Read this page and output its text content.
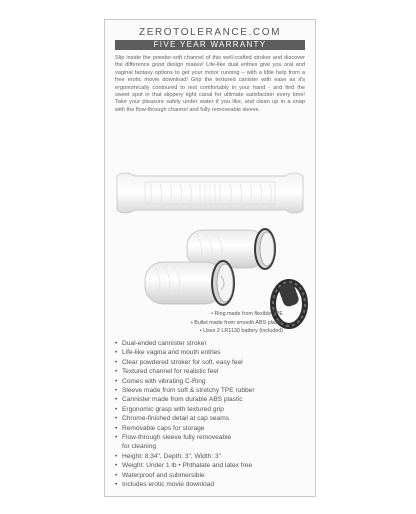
ZEROTOLERANCE.COM
FIVE YEAR WARRANTY
Slip inside the powder-soft channel of this well-crafted stroker and discover the difference good design makes! Life-like dual entries give you oral and vaginal fantasy options to get your motor running – with a little help from a free erotic movie download! Grip the textured canister with ease as it's ergonomically contoured to rest comfortably in your hand - and find the sweet spot in that slippery tight canal for ultimate satisfaction every time! Take your pleasure safely under water if you like, and clean up in a snap with the flow-through channel and fully removeable sleeve.
• Ring made from flexible TPE
• Bullet made from smooth ABS plastic
• Uses 2 LR1130 battery (included)
• Dual-ended cannister stroker
• Life-like vagina and mouth entries
• Clear powdered stroker for soft, easy feel
• Textured channel for realistic feel
• Comes with vibrating C-Ring
• Sleeve made from soft & stretchy TPE rubber
• Cannister made from durable ABS plastic
• Ergonomic grasp with textured grip
• Chrome-finished detail at cap seams
• Removable caps for storage
• Flow-through sleeve fully removeable
for cleaning
• Height: 8.34", Depth: 3", Width: 3"
• Weight: Under 1 lb • Phthalate and latex free
• Waterproof and submersible
• Includes erotic movie download
